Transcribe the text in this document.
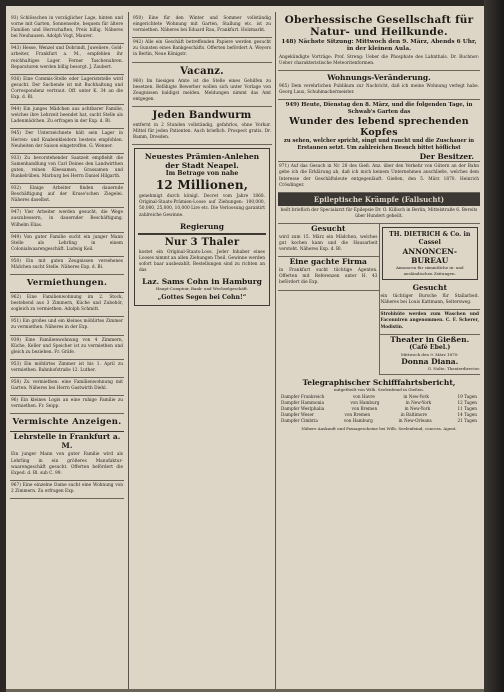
93) Schlösschen in vorzüglicher Lage, hinten und vorne mit Garten, Sonnenseite, bequem für ältere Familien und Herrschaften, Preis billig. Näheres bei Neuhausen. Adolph Vogt, Maurer.
943) Hesse, Wenzel und Dobrindt, Juweliere, Goldarbeiter, Frankfurt a. M., empfehlen ihr reichhaltiges Lager. Ferner Taschenuhren. Reparaturen werden billig besorgt. J. Zaubert.
936) Eine Commis-Stelle oder Lageriststelle wird gesucht. Der Suchende ist mit Buchhaltung und Correspondenz vertraut. Off. unter K. 34 an die Exp. d. Bl.
944) Ein junges Mädchen aus achtbarer Familie, welches ihre Lehrzeit beendet hat, sucht Stelle als Ladenmädchen. Zu erfragen in der Exp. d. Bl.
945) Der Unterzeichnete hält sein Lager in Herren- und Knabenkleidern bestens empfohlen. Neuheiten der Saison eingetroffen. G. Wenner.
933) Zu bevorstehender Saatzeit empfiehlt die Samenhandlung von Carl Deines den Landwirthen guten, reinen Kleesamen, Grassamen und Runkelrüben. Marburg bei Herrn Daniel Hilgarth.
932) Einige Arbeiter finden dauernde Beschäftigung auf der Kruse'schen Ziegelei. Näheres daselbst.
947) Vier Arbeiter werden gesucht, die Wege auszubessern, in dauernder Beschäftigung. Wilhelm Elias.
949) Von guter Familie sucht ein junger Mann Stelle als Lehrling in einem Colonialwaarengeschäft. Ludwig Keil.
950) Ein mit guten Zeugnissen versehenes Mädchen sucht Stelle. Näheres Exp. d. Bl.
Vermiethungen.
962) Eine Familienwohnung im 2. Stock, bestehend aus 3 Zimmern, Küche und Zubehör, sogleich zu vermiethen. Adolph Schmitt.
951) Ein großes und ein kleines möblirtes Zimmer zu vermiethen. Näheres in der Exp.
939) Eine Familienwohnung von 4 Zimmern, Küche, Keller und Speicher ist zu vermiethen und gleich zu beziehen. Fr. Gräfe.
953) Ein möblirtes Zimmer ist bis 1. April zu vermiethen. Bahnhofstraße 12. Luther.
958) Zu vermiethen: eine Familienwohnung mit Garten. Näheres bei Herrn Gastwirth Diehl.
96) Ein kleines Logis an eine ruhige Familie zu vermiethen. Fr. Seipp.
Vermischte Anzeigen.
Lehrstelle in Frankfurt a. M.
Ein junger Mann von guter Familie wird als Lehrling in ein größeres Manufakturwaarengeschäft gesucht. Offerten befördert die Exped. d. Bl. sub C. 99.
967) Eine einzelne Dame sucht eine Wohnung von 2 Zimmern. Zu erfragen Exp.
950) Eine für den Winter und Sommer vollständig eingerichtete Wohnung mit Garten, Stallung etc. ist zu vermiethen. Näheres bei Eduard Rau, Frankfurt. Holzmarkt.
942) Alle ein Geschäft betreffenden Papiere werden gesucht zu Gunsten eines Bankgeschäfts. Offerten befördert A. Weyers in Berlin, Neue Königstr.
Vacanz.
960) Im hiesigen Amte ist die Stelle eines Gehilfen zu besetzen. Befähigte Bewerber wollen sich unter Vorlage von Zeugnissen baldigst melden. Meldungen nimmt das Amt entgegen.
Jeden Bandwurm
entfernt in 2 Stunden vollständig, gefahrlos, ohne Vorkur. Mittel für jeden Patienten. Auch brieflich. Prospect gratis. Dr. Bamm, Dresden.
Neuestes Prämien-Anlehen der Stadt Neapel.
Im Betrage von nahe
12 Millionen,
genehmigt durch königl. Decret vom Jahre 1868. Original-Staats-Prämien-Loose auf Ziehungen: 100,000, 50,000, 25,000, 10,000 Lire etc. Die Verloosung garantirt zahlreiche Gewinne.
Regierung
Nur 3 Thaler
kostet ein Original-Staats-Loos. Jeder Inhaber eines Looses nimmt an allen Ziehungen Theil. Gewinne werden sofort baar ausbezahlt. Bestellungen sind zu richten an das
Laz. Sams Cohn in Hamburg
Haupt-Comptoir, Bank- und Wechselgeschäft.
„Gottes Segen bei Cohn!“
Oberhessische Gesellschaft für Natur- und Heilkunde.
148) Nächste Sitzung: Mittwoch den 9. März, Abends 6 Uhr, in der kleinen Aula.
Angekündigte Vorträge: Prof. Streng: Ueber die Phosphate des Lahnthals. Dr. Buchner: Ueber charakteristische Meteoritenformen.
Wohnungs-Veränderung.
965) Dem verehrlichen Publikum zur Nachricht, daß ich meine Wohnung verlegt habe. Georg Laux, Schuhmachermeister.
949) Heute, Dienstag den 8. März, und die folgenden Tage, in Schwab's Garten das
Wunder des lebend sprechenden Kopfes
zu sehen, welcher spricht, singt und raucht und die Zuschauer in Erstaunen setzt. Um zahlreichen Besuch bittet höflichst
Der Besitzer.
971) Auf das Gesuch in Nr. 28 des Gieß. Anz. über den Verkehr von Gütern an der Bahn gebe ich die Erklärung ab, daß ich mich keinem Unternehmen anschließe, welches dem Interesse der Geschäftsleute entgegenläuft. Gießen, den 5. März 1870. Heinrich Crösdinger.
Epileptische Krämpfe (Fallsucht)
heilt brieflich der Specialarzt für Epilepsie Dr. O. Killisch in Berlin, Mittelstraße 6. Bereits über Hundert geheilt.
Gesucht
wird zum 15. März ein Mädchen, welches gut kochen kann und die Hausarbeit versteht. Näheres Exp. d. Bl.
Eine gachte Firma
in Frankfurt sucht tüchtige Agenten. Offerten mit Referenzen unter H. 43 befördert die Exp.
TH. DIETRICH & Co. in Cassel
ANNONCEN-BUREAU
Annoncen für sämmtliche in- und ausländischen Zeitungen.
Gesucht
ein tüchtiger Bursche für Stallarbeit. Näheres bei Louis Kattmann, Seltersweg.
Strohhüte werden zum Waschen und Faconniren angenommen. C. F. Scherer, Modistin.
Theater in Gießen.
(Café Ebel.)
Mittwoch den 9. März 1870:
Donna Diana.
G. Nolte, Theaterdirector.
Telegraphischer Schifffahrtsbericht,
mitgetheilt von Wilh. Seelenfeind in Gießen.
Dampfer Frankreich	von Havre	in New-York	19 Tagen
Dampfer Hammonia	von Hamburg	in New-York	12 Tagen
Dampfer Westphalia	von Bremen	in New-York	11 Tagen
Dampfer Weser	von Bremen	in Baltimore	14 Tagen
Dampfer Cimbria	von Hamburg	in New-Orleans	21 Tagen
Nähere Auskunft und Passagescheine bei Wilh. Seelenfeind, concess. Agent.
